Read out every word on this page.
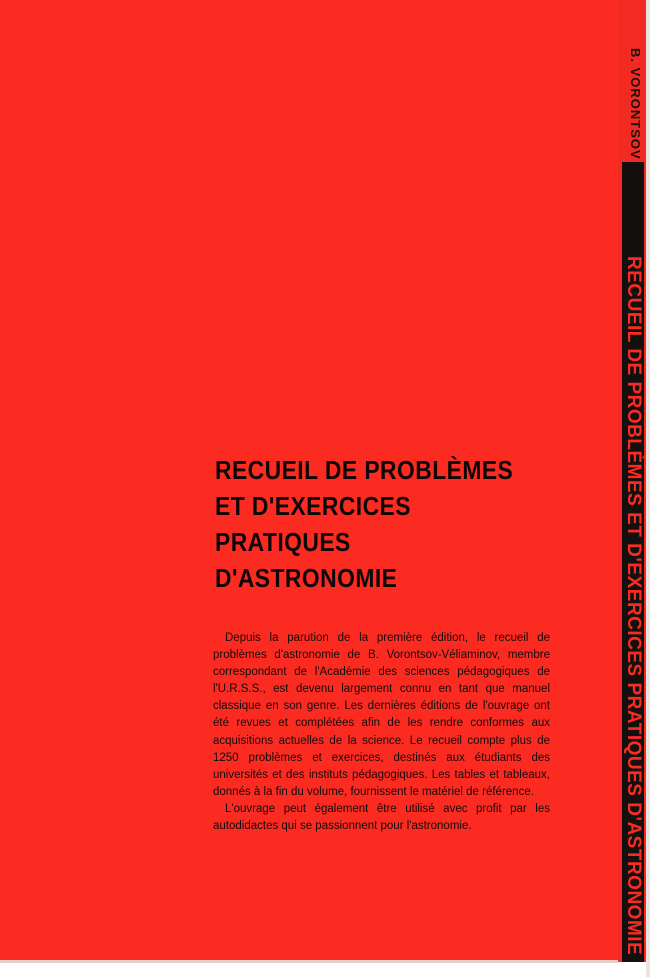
RECUEIL DE PROBLÈMES
ET D'EXERCICES
PRATIQUES
D'ASTRONOMIE

Depuis la parution de la première édition, le recueil de problèmes d'astronomie de B. Vorontsov-Véliaminov, membre correspondant de l'Académie des sciences pédagogiques de l'U.R.S.S., est devenu largement connu en tant que manuel classique en son genre. Les dernières éditions de l'ouvrage ont été revues et complétées afin de les rendre conformes aux acquisitions actuelles de la science. Le recueil compte plus de 1250 problèmes et exercices, destinés aux étudiants des universités et des instituts pédagogiques. Les tables et tableaux, donnés à la fin du volume, fournissent le matériel de référence.

L'ouvrage peut également être utilisé avec profit par les autodidactes qui se passionnent pour l'astronomie.

B. VORONTSOV
RECUEIL DE PROBLÈMES ET D'EXERCICES PRATIQUES D'ASTRONOMIE
